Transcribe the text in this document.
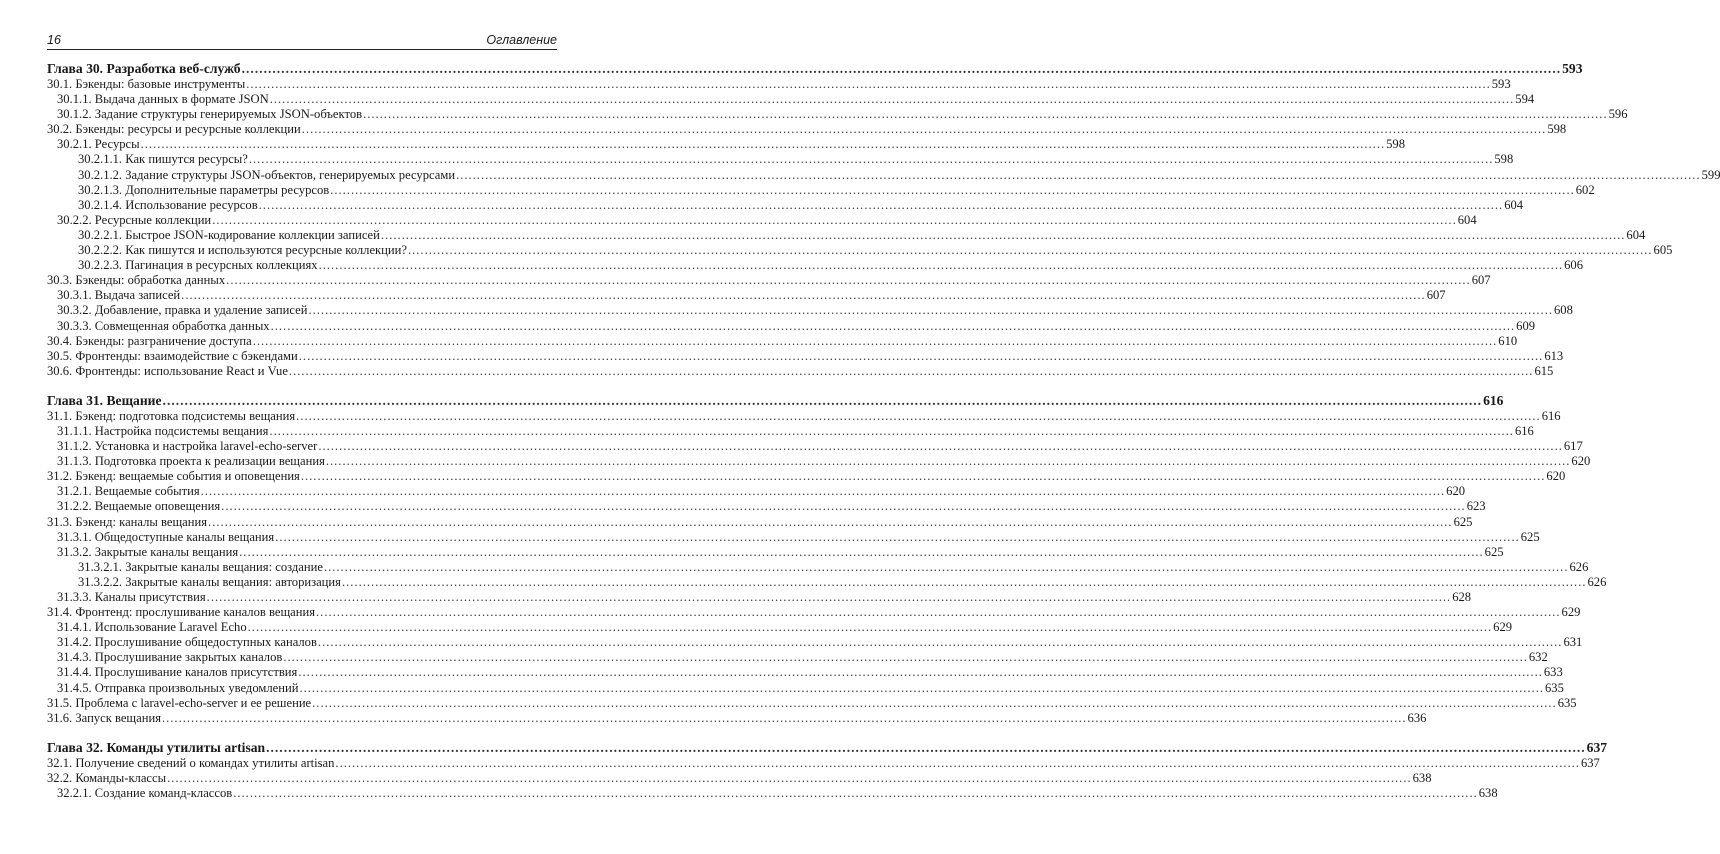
16	Оглавление
Глава 30. Разработка веб-служб ............................................................................................................................................................................................................................................................................................................ 593
30.1. Бэкенды: базовые инструменты ............................................................................................................................................................................................................................................................................................................ 593
30.1.1. Выдача данных в формате JSON ............................................................................................................................................................................................................................................................................................................ 594
30.1.2. Задание структуры генерируемых JSON-объектов ............................................................................................................................................................................................................................................................................................................ 596
30.2. Бэкенды: ресурсы и ресурсные коллекции ............................................................................................................................................................................................................................................................................................................ 598
30.2.1. Ресурсы ............................................................................................................................................................................................................................................................................................................ 598
30.2.1.1. Как пишутся ресурсы? ............................................................................................................................................................................................................................................................................................................ 598
30.2.1.2. Задание структуры JSON-объектов, генерируемых ресурсами ............................................................................................................................................................................................................................................................................................................ 599
30.2.1.3. Дополнительные параметры ресурсов ............................................................................................................................................................................................................................................................................................................ 602
30.2.1.4. Использование ресурсов ............................................................................................................................................................................................................................................................................................................ 604
30.2.2. Ресурсные коллекции ............................................................................................................................................................................................................................................................................................................ 604
30.2.2.1. Быстрое JSON-кодирование коллекции записей ............................................................................................................................................................................................................................................................................................................ 604
30.2.2.2. Как пишутся и используются ресурсные коллекции? ............................................................................................................................................................................................................................................................................................................ 605
30.2.2.3. Пагинация в ресурсных коллекциях ............................................................................................................................................................................................................................................................................................................ 606
30.3. Бэкенды: обработка данных ............................................................................................................................................................................................................................................................................................................ 607
30.3.1. Выдача записей ............................................................................................................................................................................................................................................................................................................ 607
30.3.2. Добавление, правка и удаление записей ............................................................................................................................................................................................................................................................................................................ 608
30.3.3. Совмещенная обработка данных ............................................................................................................................................................................................................................................................................................................ 609
30.4. Бэкенды: разграничение доступа ............................................................................................................................................................................................................................................................................................................ 610
30.5. Фронтенды: взаимодействие с бэкендами ............................................................................................................................................................................................................................................................................................................ 613
30.6. Фронтенды: использование React и Vue ............................................................................................................................................................................................................................................................................................................ 615
Глава 31. Вещание ............................................................................................................................................................................................................................................................................................................ 616
31.1. Бэкенд: подготовка подсистемы вещания ............................................................................................................................................................................................................................................................................................................ 616
31.1.1. Настройка подсистемы вещания ............................................................................................................................................................................................................................................................................................................ 616
31.1.2. Установка и настройка laravel-echo-server ............................................................................................................................................................................................................................................................................................................ 617
31.1.3. Подготовка проекта к реализации вещания ............................................................................................................................................................................................................................................................................................................ 620
31.2. Бэкенд: вещаемые события и оповещения ............................................................................................................................................................................................................................................................................................................ 620
31.2.1. Вещаемые события ............................................................................................................................................................................................................................................................................................................ 620
31.2.2. Вещаемые оповещения ............................................................................................................................................................................................................................................................................................................ 623
31.3. Бэкенд: каналы вещания ............................................................................................................................................................................................................................................................................................................ 625
31.3.1. Общедоступные каналы вещания ............................................................................................................................................................................................................................................................................................................ 625
31.3.2. Закрытые каналы вещания ............................................................................................................................................................................................................................................................................................................ 625
31.3.2.1. Закрытые каналы вещания: создание ............................................................................................................................................................................................................................................................................................................ 626
31.3.2.2. Закрытые каналы вещания: авторизация ............................................................................................................................................................................................................................................................................................................ 626
31.3.3. Каналы присутствия ............................................................................................................................................................................................................................................................................................................ 628
31.4. Фронтенд: прослушивание каналов вещания ............................................................................................................................................................................................................................................................................................................ 629
31.4.1. Использование Laravel Echo ............................................................................................................................................................................................................................................................................................................ 629
31.4.2. Прослушивание общедоступных каналов ............................................................................................................................................................................................................................................................................................................ 631
31.4.3. Прослушивание закрытых каналов ............................................................................................................................................................................................................................................................................................................ 632
31.4.4. Прослушивание каналов присутствия ............................................................................................................................................................................................................................................................................................................ 633
31.4.5. Отправка произвольных уведомлений ............................................................................................................................................................................................................................................................................................................ 635
31.5. Проблема с laravel-echo-server и ее решение ............................................................................................................................................................................................................................................................................................................ 635
31.6. Запуск вещания ............................................................................................................................................................................................................................................................................................................ 636
Глава 32. Команды утилиты artisan ............................................................................................................................................................................................................................................................................................................ 637
32.1. Получение сведений о командах утилиты artisan ............................................................................................................................................................................................................................................................................................................ 637
32.2. Команды-классы ............................................................................................................................................................................................................................................................................................................ 638
32.2.1. Создание команд-классов ............................................................................................................................................................................................................................................................................................................ 638
